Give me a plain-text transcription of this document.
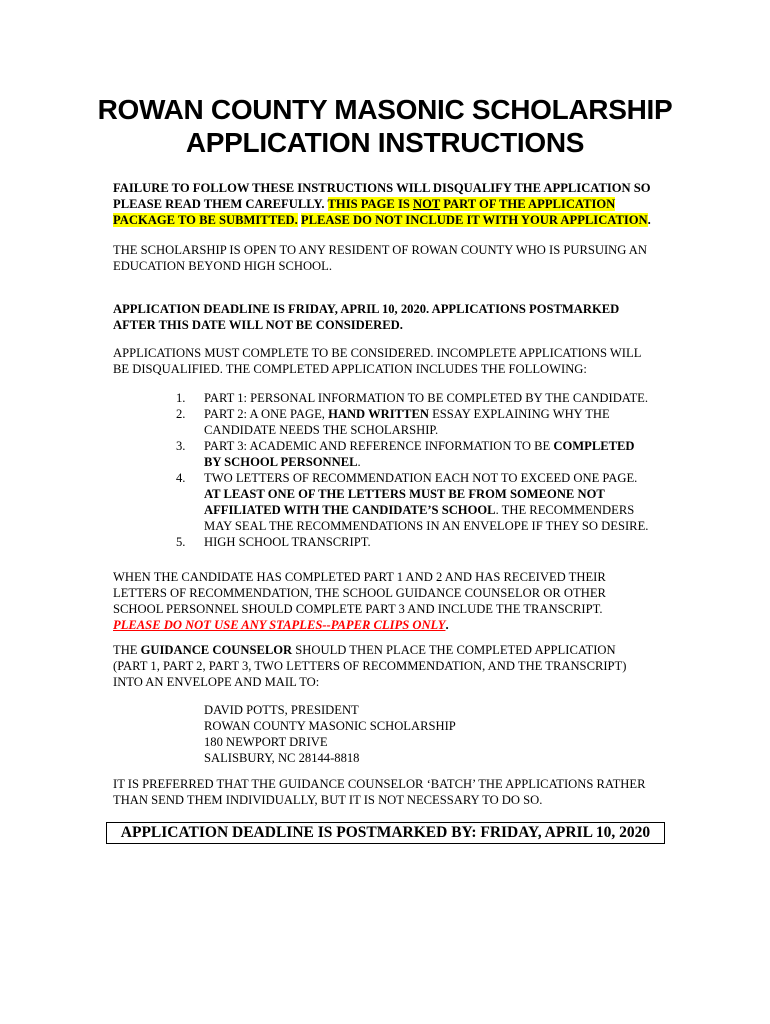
ROWAN COUNTY MASONIC SCHOLARSHIP
APPLICATION INSTRUCTIONS
FAILURE TO FOLLOW THESE INSTRUCTIONS WILL DISQUALIFY THE APPLICATION SO
PLEASE READ THEM CAREFULLY. THIS PAGE IS NOT PART OF THE APPLICATION
PACKAGE TO BE SUBMITTED. PLEASE DO NOT INCLUDE IT WITH YOUR APPLICATION.
THE SCHOLARSHIP IS OPEN TO ANY RESIDENT OF ROWAN COUNTY WHO IS PURSUING AN
EDUCATION BEYOND HIGH SCHOOL.
APPLICATION DEADLINE IS FRIDAY, APRIL 10, 2020. APPLICATIONS POSTMARKED
AFTER THIS DATE WILL NOT BE CONSIDERED.
APPLICATIONS MUST COMPLETE TO BE CONSIDERED. INCOMPLETE APPLICATIONS WILL
BE DISQUALIFIED. THE COMPLETED APPLICATION INCLUDES THE FOLLOWING:
1. PART 1: PERSONAL INFORMATION TO BE COMPLETED BY THE CANDIDATE.
2. PART 2: A ONE PAGE, HAND WRITTEN ESSAY EXPLAINING WHY THE
CANDIDATE NEEDS THE SCHOLARSHIP.
3. PART 3: ACADEMIC AND REFERENCE INFORMATION TO BE COMPLETED
BY SCHOOL PERSONNEL.
4. TWO LETTERS OF RECOMMENDATION EACH NOT TO EXCEED ONE PAGE.
AT LEAST ONE OF THE LETTERS MUST BE FROM SOMEONE NOT
AFFILIATED WITH THE CANDIDATE’S SCHOOL. THE RECOMMENDERS
MAY SEAL THE RECOMMENDATIONS IN AN ENVELOPE IF THEY SO DESIRE.
5. HIGH SCHOOL TRANSCRIPT.
WHEN THE CANDIDATE HAS COMPLETED PART 1 AND 2 AND HAS RECEIVED THEIR
LETTERS OF RECOMMENDATION, THE SCHOOL GUIDANCE COUNSELOR OR OTHER
SCHOOL PERSONNEL SHOULD COMPLETE PART 3 AND INCLUDE THE TRANSCRIPT.
PLEASE DO NOT USE ANY STAPLES--PAPER CLIPS ONLY.
THE GUIDANCE COUNSELOR SHOULD THEN PLACE THE COMPLETED APPLICATION
(PART 1, PART 2, PART 3, TWO LETTERS OF RECOMMENDATION, AND THE TRANSCRIPT)
INTO AN ENVELOPE AND MAIL TO:
DAVID POTTS, PRESIDENT
ROWAN COUNTY MASONIC SCHOLARSHIP
180 NEWPORT DRIVE
SALISBURY, NC 28144-8818
IT IS PREFERRED THAT THE GUIDANCE COUNSELOR ‘BATCH’ THE APPLICATIONS RATHER
THAN SEND THEM INDIVIDUALLY, BUT IT IS NOT NECESSARY TO DO SO.
APPLICATION DEADLINE IS POSTMARKED BY: FRIDAY, APRIL 10, 2020
